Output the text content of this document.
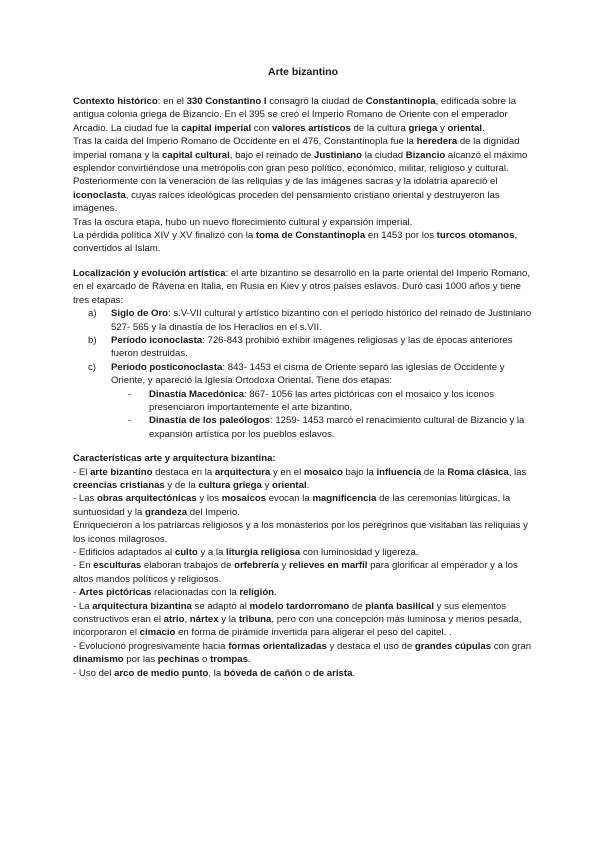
Arte bizantino

Contexto histórico: en el 330 Constantino I consagró la ciudad de Constantinopla, edificada sobre la antigua colonia griega de Bizancio. En el 395 se creó el Imperio Romano de Oriente con el emperador Arcadio. La ciudad fue la capital imperial con valores artísticos de la cultura griega y oriental.

Tras la caída del Imperio Romano de Occidente en el 476, Constantinopla fue la heredera de la dignidad imperial romana y la capital cultural, bajo el reinado de Justiniano la ciudad Bizancio alcanzó el máximo esplendor convirtiéndose una metrópolis con gran peso político, económico, militar, religioso y cultural.

Posteriormente con la veneración de las reliquias y de las imágenes sacras y la idolatría apareció el iconoclasta, cuyas raíces ideológicas proceden del pensamiento cristiano oriental y destruyeron las imágenes.

Tras la oscura etapa, hubo un nuevo florecimiento cultural y expansión imperial.

La pérdida política XIV y XV finalizó con la toma de Constantinopla en 1453 por los turcos otomanos, convertidos al Islam.

Localización y evolución artística: el arte bizantino se desarrolló en la parte oriental del Imperio Romano, en el exarcado de Rávena en Italia, en Rusia en Kiev y otros países eslavos. Duró casi 1000 años y tiene tres etapas:

a) Siglo de Oro: s.V-VII cultural y artístico bizantino con el período histórico del reinado de Justiniano 527- 565 y la dinastía de los Heraclios en el s.VII.
b) Período iconoclasta: 726-843 prohibió exhibir imágenes religiosas y las de épocas anteriores fueron destruidas.
c) Período posticonoclasta: 843- 1453 el cisma de Oriente separó las iglesias de Occidente y Oriente, y apareció la Iglesia Ortodoxa Oriental. Tiene dos etapas:
- Dinastía Macedónica: 867- 1056 las artes pictóricas con el mosaico y los iconos presenciaron importantemente el arte bizantino.
- Dinastía de los paleólogos: 1259- 1453 marcó el renacimiento cultural de Bizancio y la expansión artística por los pueblos eslavos.

Características arte y arquitectura bizantina:

- El arte bizantino destaca en la arquitectura y en el mosaico bajo la influencia de la Roma clásica, las creencias cristianas y de la cultura griega y oriental.

- Las obras arquitectónicas y los mosaicos evocan la magnificencia de las ceremonias litúrgicas, la suntuosidad y la grandeza del Imperio.

Enriquecieron a los patriarcas religiosos y a los monasterios por los peregrinos que visitaban las reliquias y los iconos milagrosos.

- Edificios adaptados al culto y a la liturgia religiosa con luminosidad y ligereza.

- En esculturas elaboran trabajos de orfebrería y relieves en marfil para glorificar al emperador y a los altos mandos políticos y religiosos.

- Artes pictóricas relacionadas con la religión.

- La arquitectura bizantina se adaptó al modelo tardorromano de planta basilical y sus elementos constructivos eran el atrio, nártex y la tribuna, pero con una concepción más luminosa y menos pesada, incorporaron el cimacio en forma de pirámide invertida para aligerar el peso del capitel. .

- Evolucionó progresivamente hacia formas orientalizadas y destaca el uso de grandes cúpulas con gran dinamismo por las pechinas o trompas.

- Uso del arco de medio punto, la bóveda de cañón o de arista.
